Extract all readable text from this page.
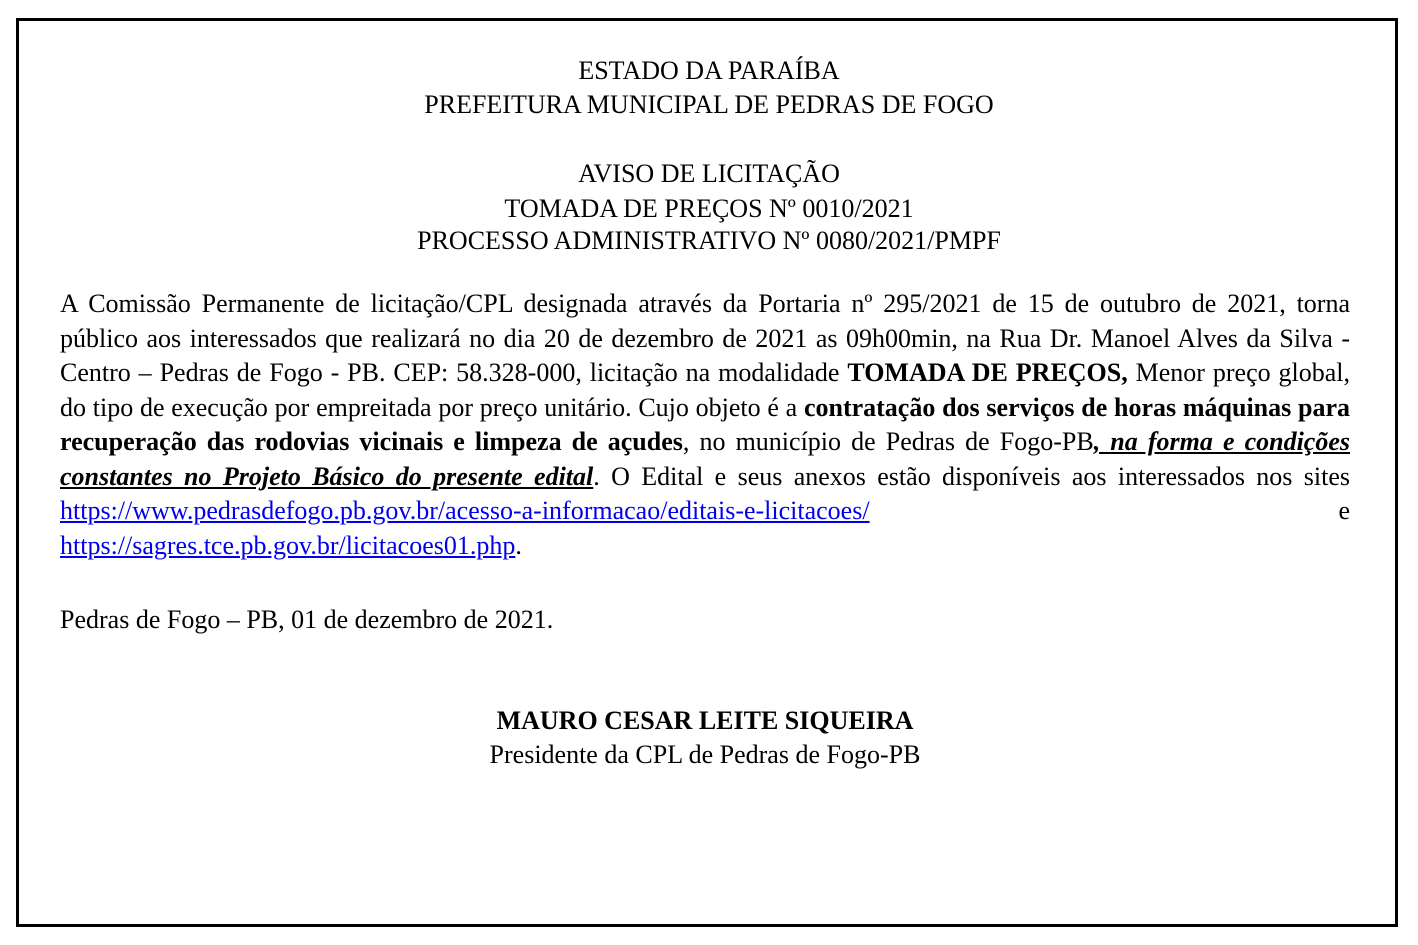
ESTADO DA PARAÍBA
PREFEITURA MUNICIPAL DE PEDRAS DE FOGO
AVISO DE LICITAÇÃO
TOMADA DE PREÇOS Nº 0010/2021
PROCESSO ADMINISTRATIVO Nº 0080/2021/PMPF
A Comissão Permanente de licitação/CPL designada através da Portaria nº 295/2021 de 15 de outubro de 2021, torna público aos interessados que realizará no dia 20 de dezembro de 2021 as 09h00min, na Rua Dr. Manoel Alves da Silva - Centro – Pedras de Fogo - PB. CEP: 58.328-000, licitação na modalidade TOMADA DE PREÇOS, Menor preço global, do tipo de execução por empreitada por preço unitário. Cujo objeto é a contratação dos serviços de horas máquinas para recuperação das rodovias vicinais e limpeza de açudes, no município de Pedras de Fogo-PB, na forma e condições constantes no Projeto Básico do presente edital. O Edital e seus anexos estão disponíveis aos interessados nos sites https://www.pedrasdefogo.pb.gov.br/acesso-a-informacao/editais-e-licitacoes/ e https://sagres.tce.pb.gov.br/licitacoes01.php.
Pedras de Fogo – PB, 01 de dezembro de 2021.
MAURO CESAR LEITE SIQUEIRA
Presidente da CPL de Pedras de Fogo-PB
